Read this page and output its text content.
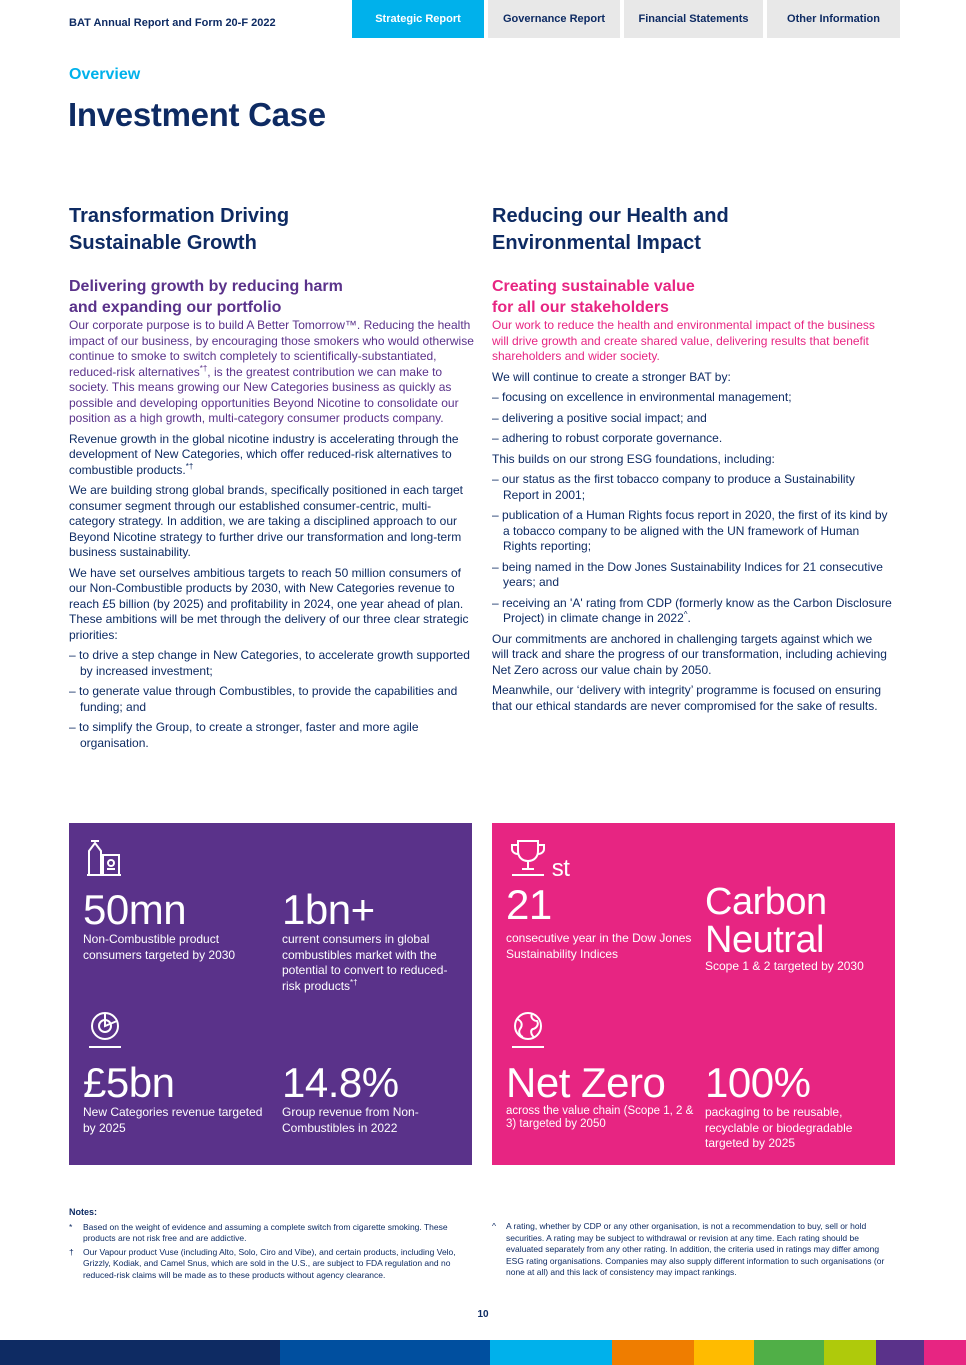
BAT Annual Report and Form 20-F 2022	Strategic Report	Governance Report	Financial Statements	Other Information
Overview
Investment Case
Transformation Driving
Sustainable Growth
Delivering growth by reducing harm
and expanding our portfolio

Our corporate purpose is to build A Better Tomorrow™. Reducing the health impact of our business, by encouraging those smokers who would otherwise continue to smoke to switch completely to scientifically-substantiated, reduced-risk alternatives*†, is the greatest contribution we can make to society. This means growing our New Categories business as quickly as possible and developing opportunities Beyond Nicotine to consolidate our position as a high growth, multi-category consumer products company.

Revenue growth in the global nicotine industry is accelerating through the development of New Categories, which offer reduced-risk alternatives to combustible products.*†

We are building strong global brands, specifically positioned in each target consumer segment through our established consumer-centric, multi-category strategy. In addition, we are taking a disciplined approach to our Beyond Nicotine strategy to further drive our transformation and long-term business sustainability.

We have set ourselves ambitious targets to reach 50 million consumers of our Non-Combustible products by 2030, with New Categories revenue to reach £5 billion (by 2025) and profitability in 2024, one year ahead of plan. These ambitions will be met through the delivery of our three clear strategic priorities:

– to drive a step change in New Categories, to accelerate growth supported by increased investment;
– to generate value through Combustibles, to provide the capabilities and funding; and
– to simplify the Group, to create a stronger, faster and more agile organisation.
Reducing our Health and
Environmental Impact
Creating sustainable value
for all our stakeholders

Our work to reduce the health and environmental impact of the business will drive growth and create shared value, delivering results that benefit shareholders and wider society.

We will continue to create a stronger BAT by:

– focusing on excellence in environmental management;
– delivering a positive social impact; and
– adhering to robust corporate governance.

This builds on our strong ESG foundations, including:

– our status as the first tobacco company to produce a Sustainability Report in 2001;
– publication of a Human Rights focus report in 2020, the first of its kind by a tobacco company to be aligned with the UN framework of Human Rights reporting;
– being named in the Dow Jones Sustainability Indices for 21 consecutive years; and
– receiving an 'A' rating from CDP (formerly know as the Carbon Disclosure Project) in climate change in 2022^.

Our commitments are anchored in challenging targets against which we will track and share the progress of our transformation, including achieving Net Zero across our value chain by 2050.

Meanwhile, our ‘delivery with integrity’ programme is focused on ensuring that our ethical standards are never compromised for the sake of results.

50mn
Non-Combustible product consumers targeted by 2030
1bn+
current consumers in global combustibles market with the potential to convert to reduced-risk products*†
£5bn
New Categories revenue targeted by 2025
14.8%
Group revenue from Non-Combustibles in 2022
21st
consecutive year in the Dow Jones Sustainability Indices
Carbon
Neutral
Scope 1 & 2 targeted by 2030
Net Zero
across the value chain (Scope 1, 2 & 3) targeted by 2050
100%
packaging to be reusable, recyclable or biodegradable targeted by 2025
Notes:
*	Based on the weight of evidence and assuming a complete switch from cigarette smoking. These products are not risk free and are addictive.
†	Our Vapour product Vuse (including Alto, Solo, Ciro and Vibe), and certain products, including Velo, Grizzly, Kodiak, and Camel Snus, which are sold in the U.S., are subject to FDA regulation and no reduced-risk claims will be made as to these products without agency clearance.
^	A rating, whether by CDP or any other organisation, is not a recommendation to buy, sell or hold securities. A rating may be subject to withdrawal or revision at any time. Each rating should be evaluated separately from any other rating. In addition, the criteria used in ratings may differ among ESG rating organisations. Companies may also supply different information to such organisations (or none at all) and this lack of consistency may impact rankings.
10
